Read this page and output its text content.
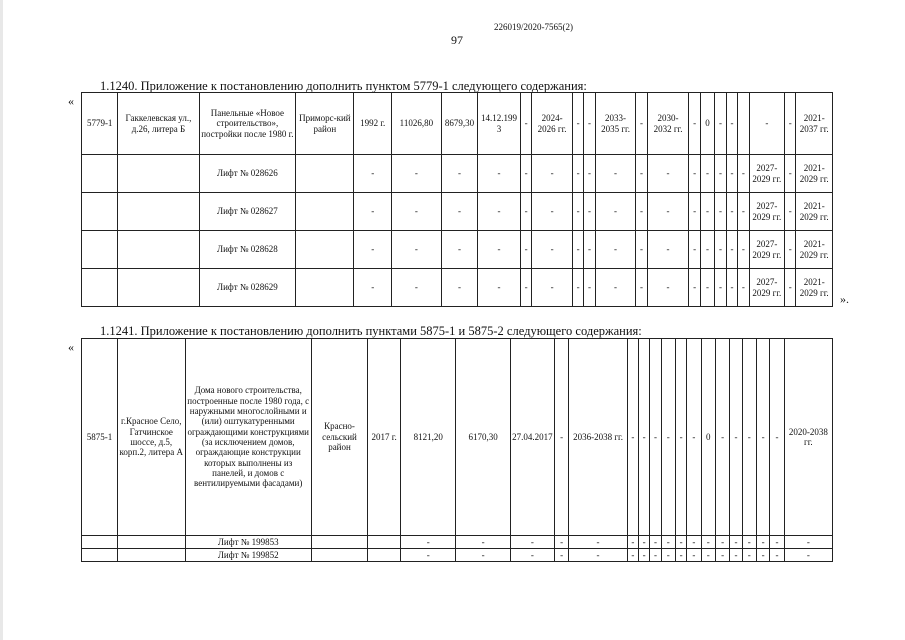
226019/2020-7565(2)
97
1.1240. Приложение к постановлению дополнить пунктом 5779-1 следующего содержания:
«
».
5779-1	Гаккелевская ул., д.26, литера Б	Панельные «Новое строительство», постройки после 1980 г.	Приморс-кий район	1992 г.	11026,80	8679,30	14.12.1993	-	2024-2026 гг.	-	-	2033-2035 гг.	-	2030-2032 гг.	-	0	-	-		-	-	2021-2037 гг.
		Лифт № 028626		-	-	-	-	-	-	-	-	-	-	-	-	-	-	-	-	2027-2029 гг.	-	2021-2029 гг.
		Лифт № 028627		-	-	-	-	-	-	-	-	-	-	-	-	-	-	-	-	2027-2029 гг.	-	2021-2029 гг.
		Лифт № 028628		-	-	-	-	-	-	-	-	-	-	-	-	-	-	-	-	2027-2029 гг.	-	2021-2029 гг.
		Лифт № 028629		-	-	-	-	-	-	-	-	-	-	-	-	-	-	-	-	2027-2029 гг.	-	2021-2029 гг.
1.1241. Приложение к постановлению дополнить пунктами 5875-1 и 5875-2 следующего содержания:
«
5875-1	г.Красное Село, Гатчинское шоссе, д.5, корп.2, литера А	Дома нового строительства, построенные после 1980 года, с наружными многослойными и (или) оштукатуренными ограждающими конструкциями (за исключением домов, ограждающие конструкции которых выполнены из панелей, и домов с вентилируемыми фасадами)	Красно-сельский район	2017 г.	8121,20	6170,30	27.04.2017	-	2036-2038 гг.	-	-	-	-	-	-	0	-	-	-	-	-	2020-2038 гг.
		Лифт № 199853			-	-	-	-	-	-	-	-	-	-	-	-	-	-	-	-	-	-
		Лифт № 199852			-	-	-	-	-	-	-	-	-	-	-	-	-	-	-	-	-	-
